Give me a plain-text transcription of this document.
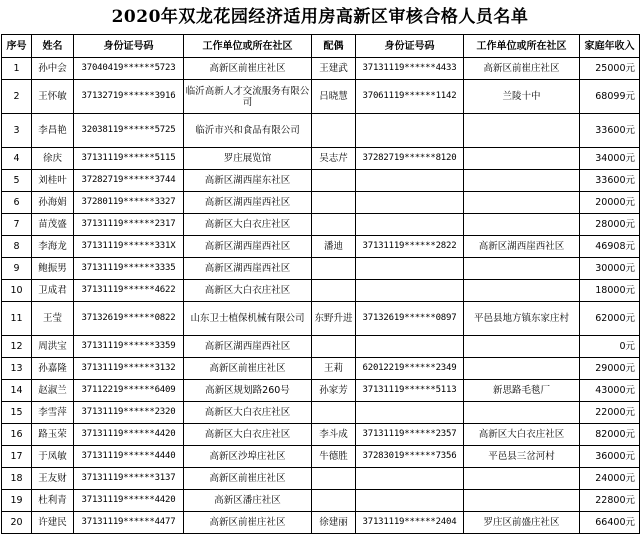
2020年双龙花园经济适用房高新区审核合格人员名单
序号	姓名	身份证号码	工作单位或所在社区	配偶	身份证号码	工作单位或所在社区	家庭年收入
1	孙中会	37040419******5723	高新区前崔庄社区	王建武	37131119******4433	高新区前崔庄社区	25000元
2	王怀敏	37132719******3916	临沂高新人才交流服务有限公司	吕晓慧	37061119******1142	兰陵十中	68099元
3	李昌艳	32038119******5725	临沂市兴和食品有限公司				33600元
4	徐庆	37131119******5115	罗庄展览馆	吴志芹	37282719******8120		34000元
5	刘桂叶	37282719******3744	高新区湖西崖东社区				33600元
6	孙海娟	37280119******3327	高新区湖西崖西社区				20000元
7	苗茂盛	37131119******2317	高新区大白衣庄社区				28000元
8	李海龙	37131119******331X	高新区湖西崖西社区	潘迪	37131119******2822	高新区湖西崖西社区	46908元
9	鲍振男	37131119******3335	高新区湖西崖西社区				30000元
10	卫成君	37131119******4622	高新区大白衣庄社区				18000元
11	王莹	37132619******0822	山东卫士植保机械有限公司	东野升进	37132619******0897	平邑县地方镇东家庄村	62000元
12	周洪宝	37131119******3359	高新区湖西崖西社区				0元
13	孙嘉隆	37131119******3132	高新区前崔庄社区	王莉	62012219******2349		29000元
14	赵淑兰	37112219******6409	高新区规划路260号	孙家芳	37131119******5113	新思路毛毯厂	43000元
15	李雪萍	37131119******2320	高新区大白衣庄社区				22000元
16	路玉荣	37131119******4420	高新区大白衣庄社区	李斗成	37131119******2357	高新区大白衣庄社区	82000元
17	于凤敏	37131119******4440	高新区沙埠庄社区	牛德胜	37283019******7356	平邑县三岔河村	36000元
18	王友财	37131119******3137	高新区前崔庄社区				24000元
19	杜利青	37131119******4420	高新区潘庄社区				22800元
20	许建民	37131119******4477	高新区前崔庄社区	徐建丽	37131119******2404	罗庄区前盛庄社区	66400元
